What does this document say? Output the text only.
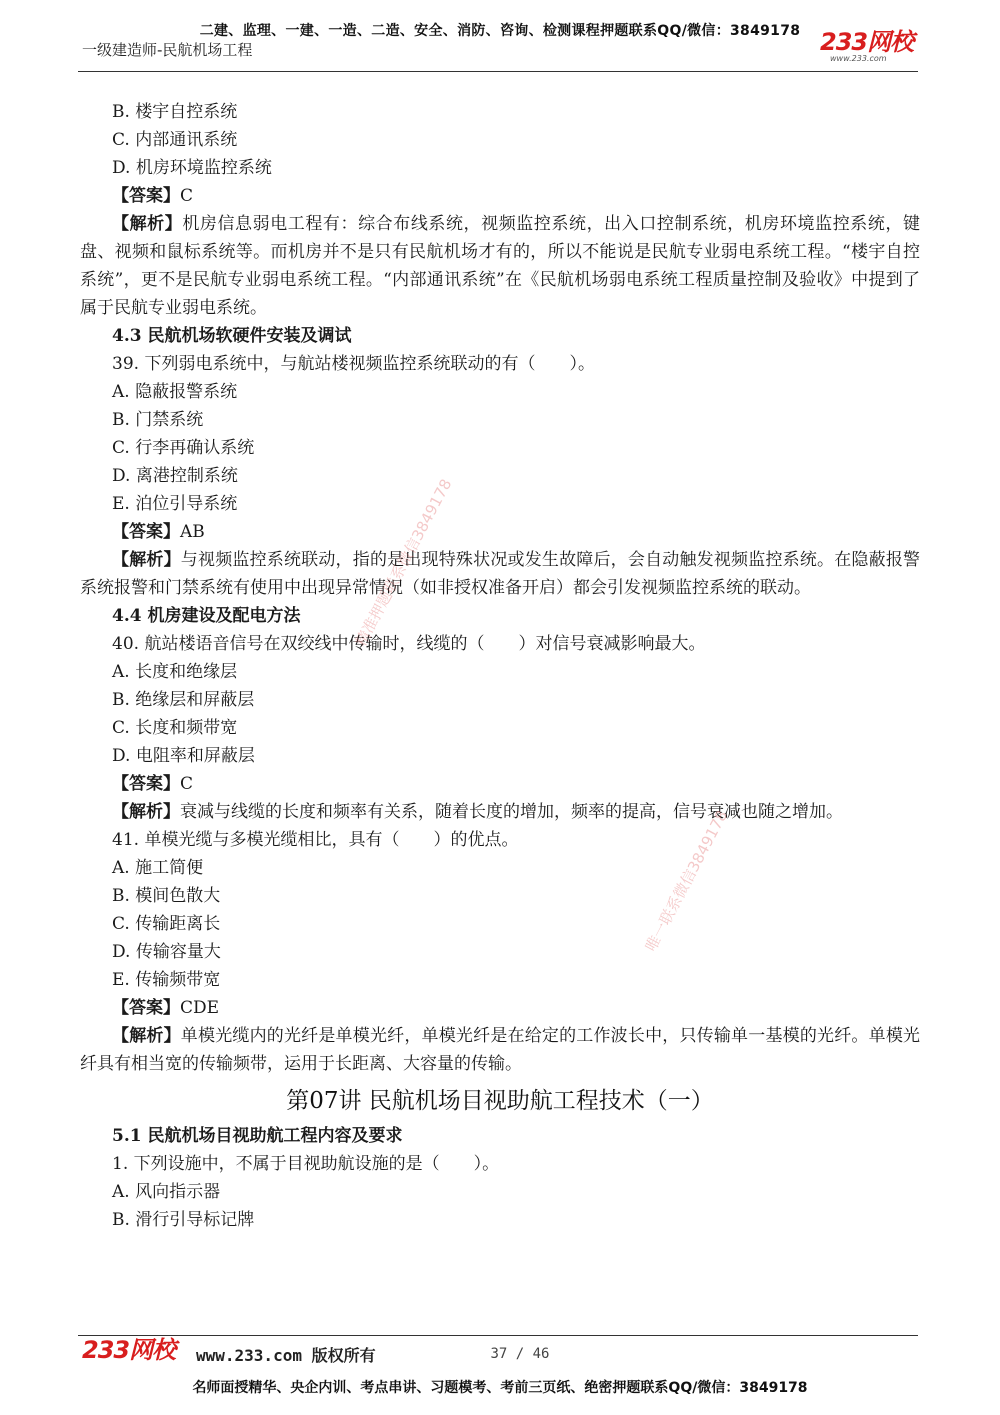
二建、监理、一建、一造、二造、安全、消防、咨询、检测课程押题联系QQ/微信：3849178
一级建造师-民航机场工程	233网校
www.233.com
B. 楼宇自控系统
C. 内部通讯系统
D. 机房环境监控系统
【答案】C
【解析】机房信息弱电工程有：综合布线系统，视频监控系统，出入口控制系统，机房环境监控系统，键盘、视频和鼠标系统等。而机房并不是只有民航机场才有的，所以不能说是民航专业弱电系统工程。“楼宇自控系统”，更不是民航专业弱电系统工程。“内部通讯系统”在《民航机场弱电系统工程质量控制及验收》中提到了属于民航专业弱电系统。
4.3 民航机场软硬件安装及调试
39. 下列弱电系统中，与航站楼视频监控系统联动的有（　　）。
A. 隐蔽报警系统
B. 门禁系统
C. 行李再确认系统
D. 离港控制系统
E. 泊位引导系统
【答案】AB
【解析】与视频监控系统联动，指的是出现特殊状况或发生故障后，会自动触发视频监控系统。在隐蔽报警系统报警和门禁系统有使用中出现异常情况（如非授权准备开启）都会引发视频监控系统的联动。
4.4 机房建设及配电方法
40. 航站楼语音信号在双绞线中传输时，线缆的（　　）对信号衰减影响最大。
A. 长度和绝缘层
B. 绝缘层和屏蔽层
C. 长度和频带宽
D. 电阻率和屏蔽层
【答案】C
【解析】衰减与线缆的长度和频率有关系，随着长度的增加，频率的提高，信号衰减也随之增加。
41. 单模光缆与多模光缆相比，具有（　　）的优点。
A. 施工简便
B. 模间色散大
C. 传输距离长
D. 传输容量大
E. 传输频带宽
【答案】CDE
【解析】单模光缆内的光纤是单模光纤，单模光纤是在给定的工作波长中，只传输单一基模的光纤。单模光纤具有相当宽的传输频带，运用于长距离、大容量的传输。
第07讲 民航机场目视助航工程技术（一）
5.1 民航机场目视助航工程内容及要求
1. 下列设施中，不属于目视助航设施的是（　　）。
A. 风向指示器
B. 滑行引导标记牌
精准押题联系微信3849178
唯一联系微信3849178
233网校 www.233.com 版权所有	37 / 46
名师面授精华、央企内训、考点串讲、习题模考、考前三页纸、绝密押题联系QQ/微信：3849178
